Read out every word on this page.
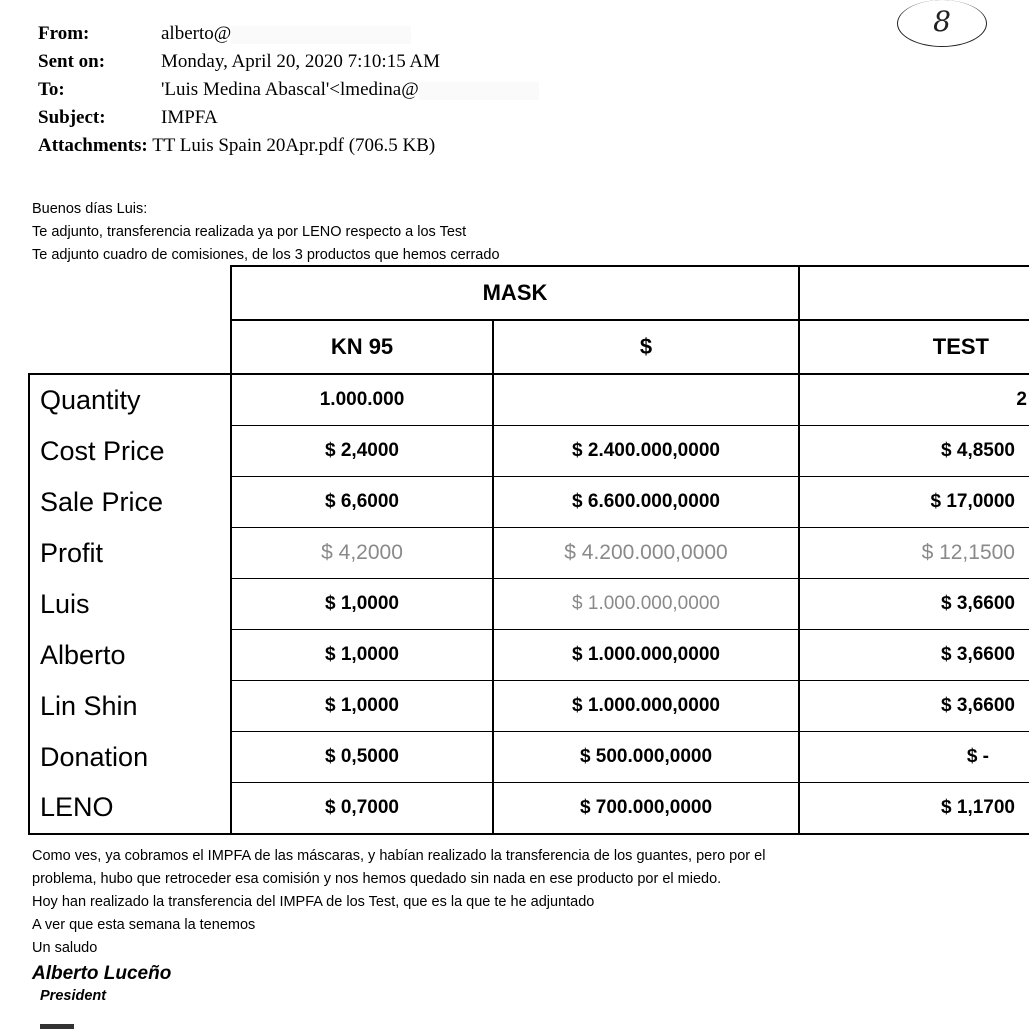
8
From:	alberto@
Sent on:	Monday, April 20, 2020 7:10:15 AM
To:	'Luis Medina Abascal'<lmedina@
Subject:	IMPFA
Attachments: TT Luis Spain 20Apr.pdf (706.5 KB)
Buenos días Luis:
Te adjunto, transferencia realizada ya por LENO respecto a los Test
Te adjunto cuadro de comisiones, de los 3 productos que hemos cerrado
	MASK		
	KN 95	$	TEST
Quantity	1.000.000		2
Cost Price	$ 2,4000	$ 2.400.000,0000	$ 4,8500
Sale Price	$ 6,6000	$ 6.600.000,0000	$ 17,0000
Profit	$ 4,2000	$ 4.200.000,0000	$ 12,1500
Luis	$ 1,0000	$ 1.000.000,0000	$ 3,6600
Alberto	$ 1,0000	$ 1.000.000,0000	$ 3,6600
Lin Shin	$ 1,0000	$ 1.000.000,0000	$ 3,6600
Donation	$ 0,5000	$ 500.000,0000	$ -
LENO	$ 0,7000	$ 700.000,0000	$ 1,1700
Como ves, ya cobramos el IMPFA de las máscaras, y habían realizado la transferencia de los guantes, pero por el
problema, hubo que retroceder esa comisión y nos hemos quedado sin nada en ese producto por el miedo.
Hoy han realizado la transferencia del IMPFA de los Test, que es la que te he adjuntado
A ver que esta semana la tenemos
Un saludo
Alberto Luceño
President
